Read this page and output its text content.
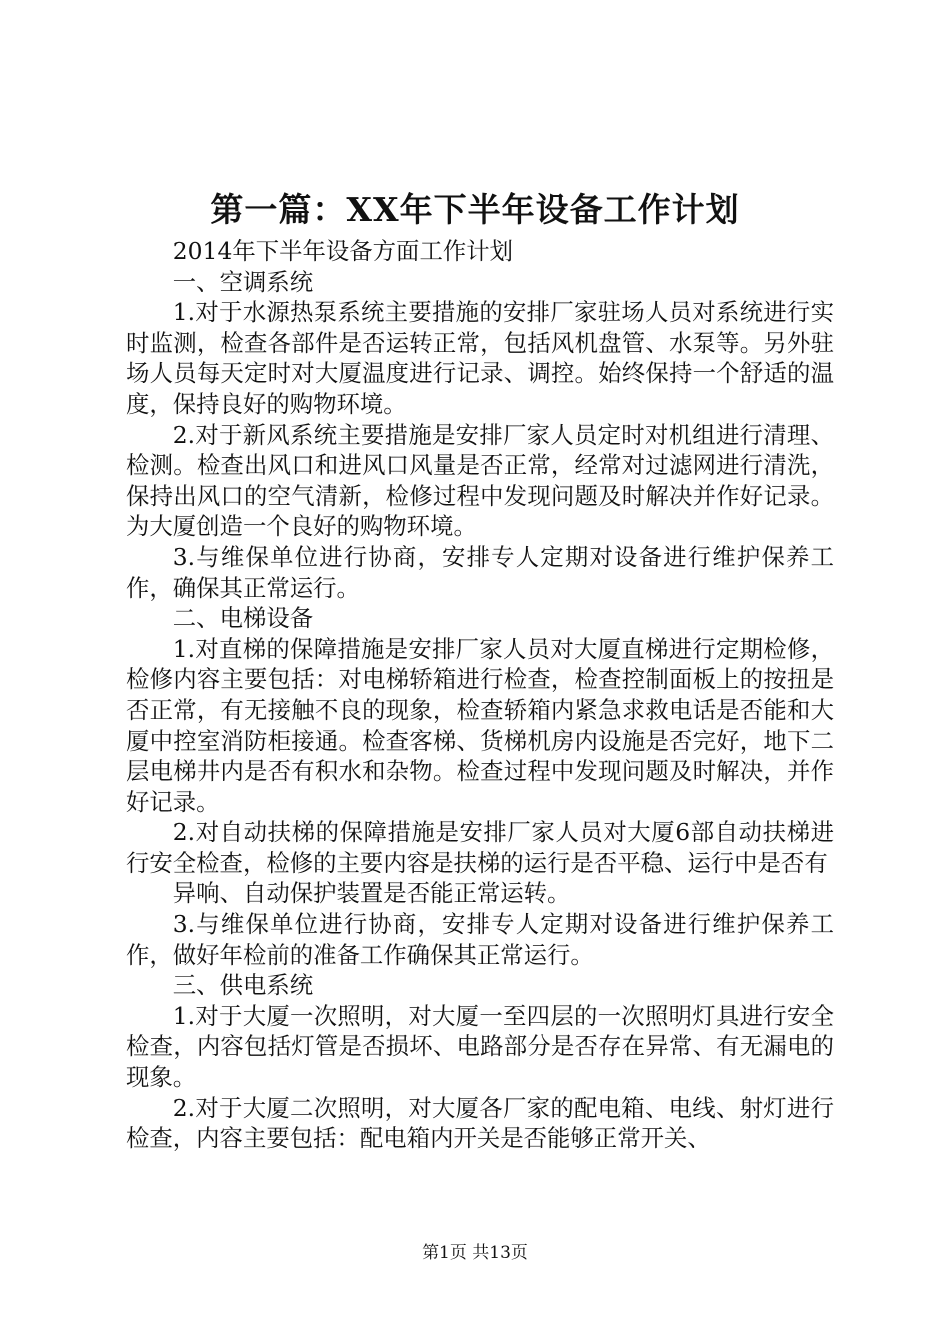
第一篇：XX年下半年设备工作计划

2014年下半年设备方面工作计划

一、空调系统

1.对于水源热泵系统主要措施的安排厂家驻场人员对系统进行实时监测，检查各部件是否运转正常，包括风机盘管、水泵等。另外驻场人员每天定时对大厦温度进行记录、调控。始终保持一个舒适的温度，保持良好的购物环境。

2.对于新风系统主要措施是安排厂家人员定时对机组进行清理、检测。检查出风口和进风口风量是否正常，经常对过滤网进行清洗，保持出风口的空气清新，检修过程中发现问题及时解决并作好记录。为大厦创造一个良好的购物环境。

3.与维保单位进行协商，安排专人定期对设备进行维护保养工作，确保其正常运行。

二、电梯设备

1.对直梯的保障措施是安排厂家人员对大厦直梯进行定期检修，检修内容主要包括：对电梯轿箱进行检查，检查控制面板上的按扭是否正常，有无接触不良的现象，检查轿箱内紧急求救电话是否能和大厦中控室消防柜接通。检查客梯、货梯机房内设施是否完好，地下二层电梯井内是否有积水和杂物。检查过程中发现问题及时解决，并作好记录。

2.对自动扶梯的保障措施是安排厂家人员对大厦6部自动扶梯进行安全检查，检修的主要内容是扶梯的运行是否平稳、运行中是否有

异响、自动保护装置是否能正常运转。

3.与维保单位进行协商，安排专人定期对设备进行维护保养工作，做好年检前的准备工作确保其正常运行。

三、供电系统

1.对于大厦一次照明，对大厦一至四层的一次照明灯具进行安全检查，内容包括灯管是否损坏、电路部分是否存在异常、有无漏电的现象。

2.对于大厦二次照明，对大厦各厂家的配电箱、电线、射灯进行检查，内容主要包括：配电箱内开关是否能够正常开关、

第1页 共13页
